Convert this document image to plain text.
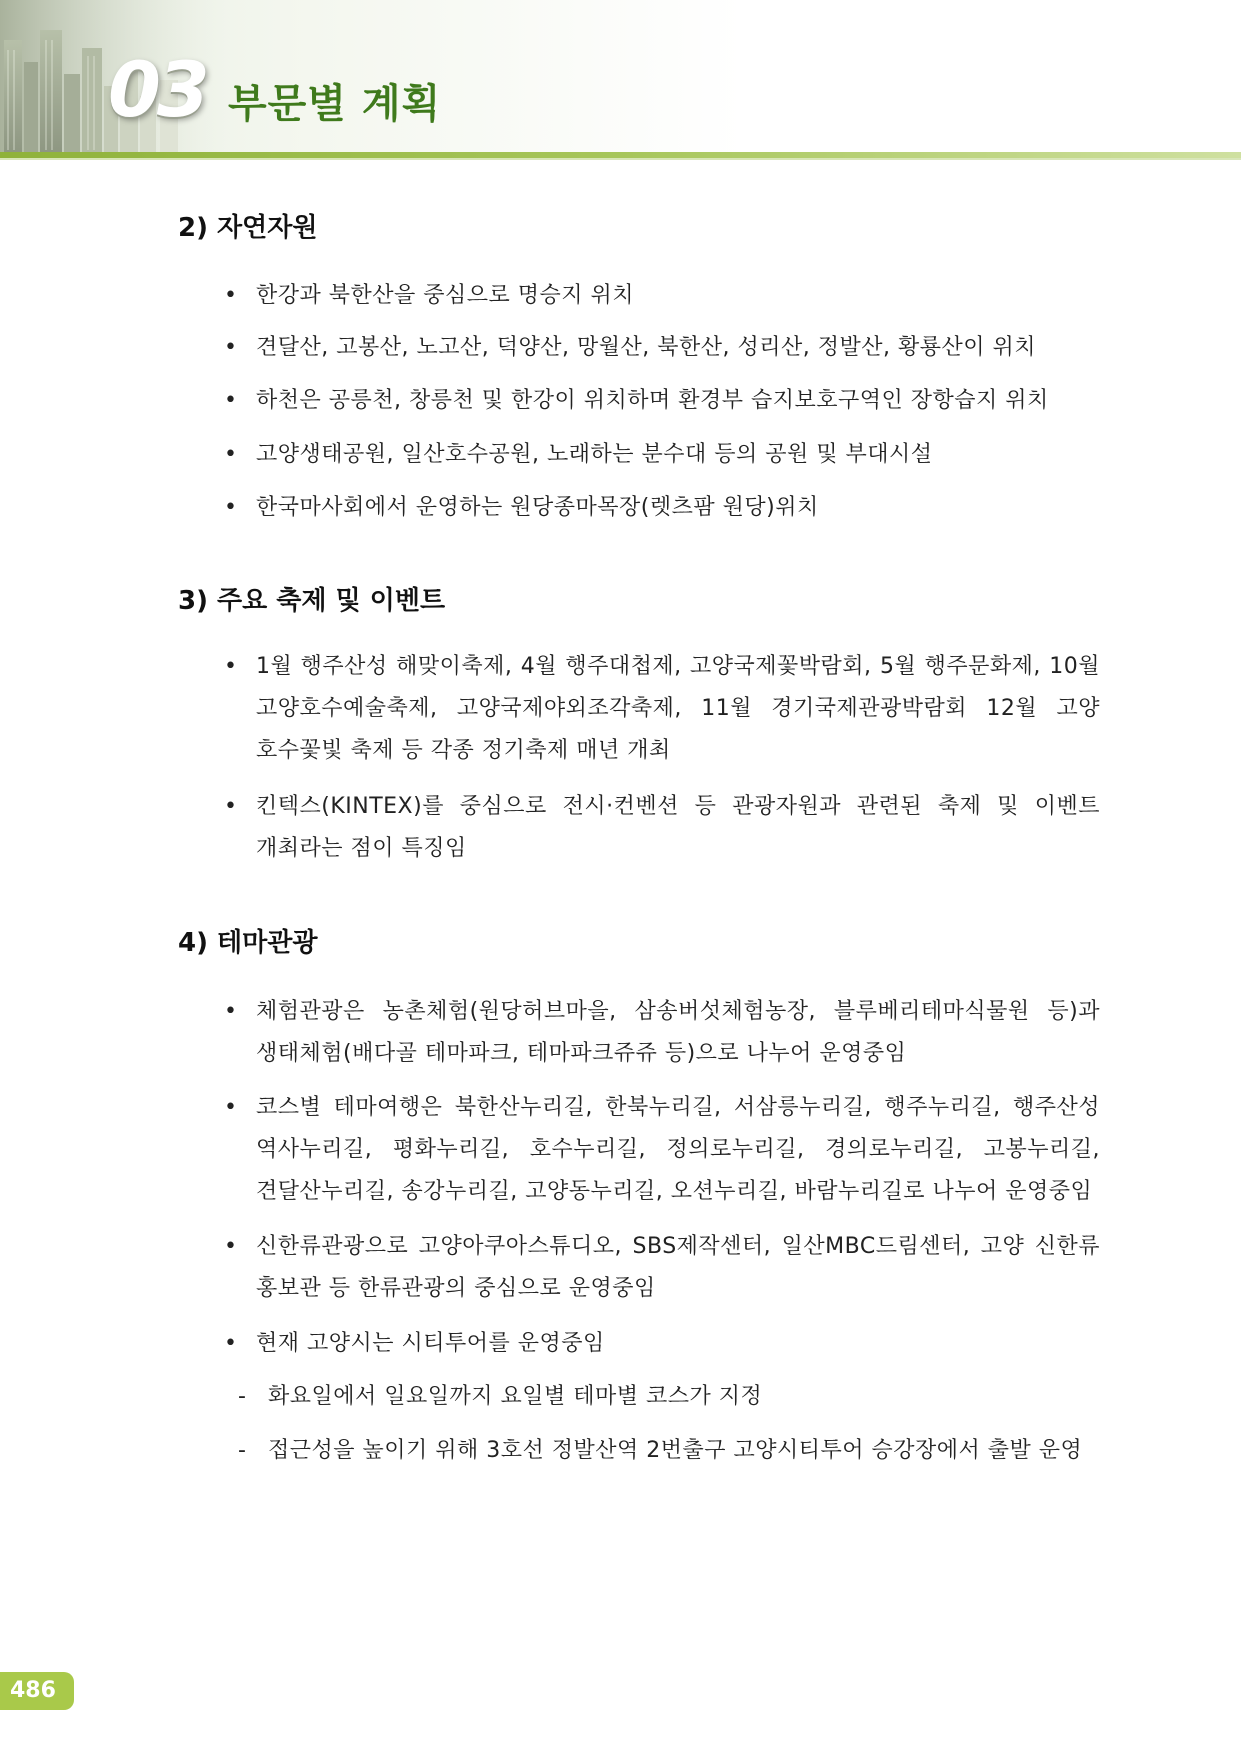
03 부문별 계획
2) 자연자원
• 한강과 북한산을 중심으로 명승지 위치
• 견달산, 고봉산, 노고산, 덕양산, 망월산, 북한산, 성리산, 정발산, 황룡산이 위치
• 하천은 공릉천, 창릉천 및 한강이 위치하며 환경부 습지보호구역인 장항습지 위치
• 고양생태공원, 일산호수공원, 노래하는 분수대 등의 공원 및 부대시설
• 한국마사회에서 운영하는 원당종마목장(렛츠팜 원당)위치
3) 주요 축제 및 이벤트
• 1월 행주산성 해맞이축제, 4월 행주대첩제, 고양국제꽃박람회, 5월 행주문화제, 10월 고양호수예술축제, 고양국제야외조각축제, 11월 경기국제관광박람회 12월 고양 호수꽃빛 축제 등 각종 정기축제 매년 개최
• 킨텍스(KINTEX)를 중심으로 전시·컨벤션 등 관광자원과 관련된 축제 및 이벤트 개최라는 점이 특징임
4) 테마관광
• 체험관광은 농촌체험(원당허브마을, 삼송버섯체험농장, 블루베리테마식물원 등)과 생태체험(배다골 테마파크, 테마파크쥬쥬 등)으로 나누어 운영중임
• 코스별 테마여행은 북한산누리길, 한북누리길, 서삼릉누리길, 행주누리길, 행주산성 역사누리길, 평화누리길, 호수누리길, 정의로누리길, 경의로누리길, 고봉누리길, 견달산누리길, 송강누리길, 고양동누리길, 오션누리길, 바람누리길로 나누어 운영중임
• 신한류관광으로 고양아쿠아스튜디오, SBS제작센터, 일산MBC드림센터, 고양 신한류 홍보관 등 한류관광의 중심으로 운영중임
• 현재 고양시는 시티투어를 운영중임
- 화요일에서 일요일까지 요일별 테마별 코스가 지정
- 접근성을 높이기 위해 3호선 정발산역 2번출구 고양시티투어 승강장에서 출발 운영
486
